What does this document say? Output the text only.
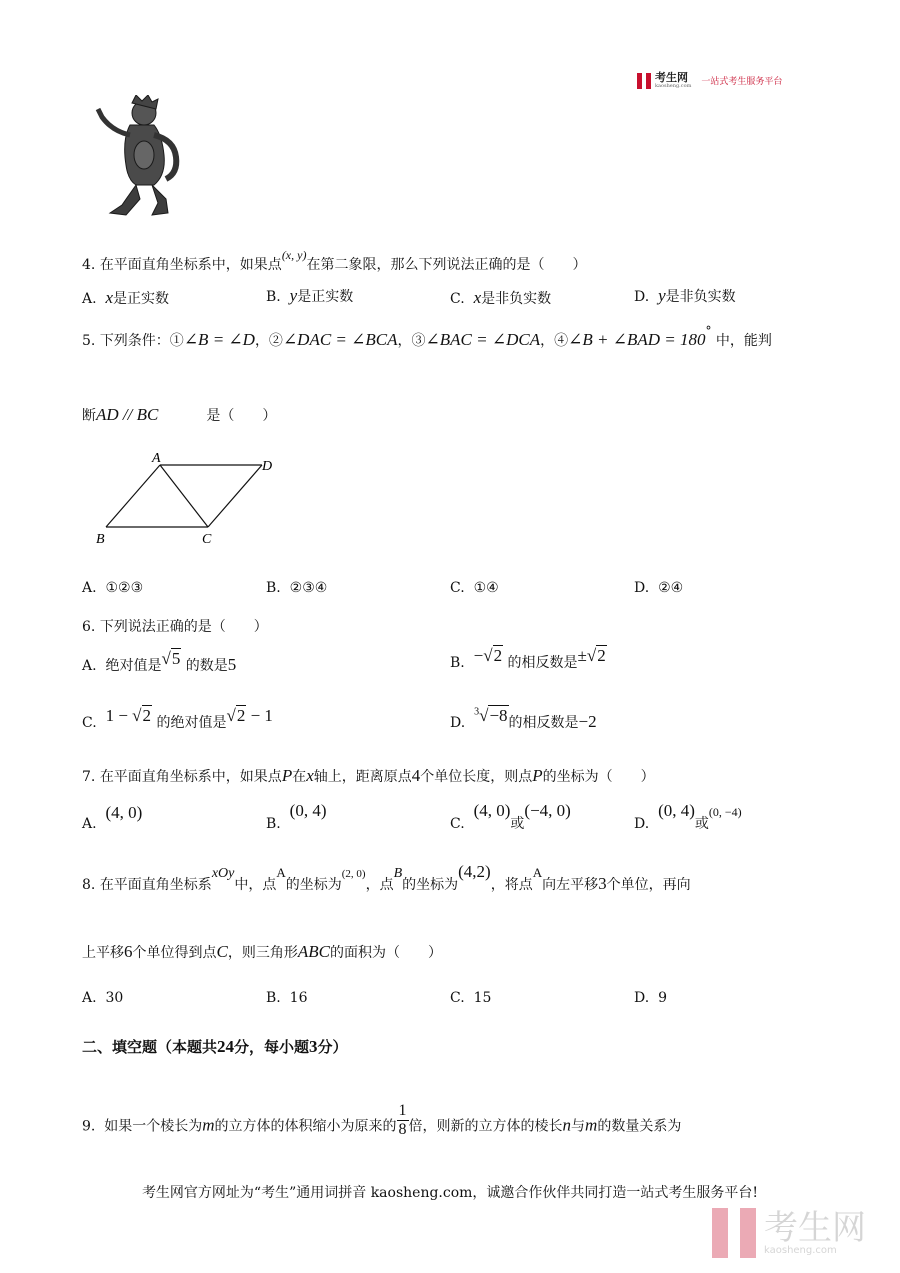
考生网
kaosheng.com 一站式考生服务平台
4. 在平面直角坐标系中，如果点(x, y)在第二象限，那么下列说法正确的是（　　）
A. x是正实数	B. y是正实数	C. x是非负实数	D. y是非负实数
5. 下列条件：①∠B = ∠D，②∠DAC = ∠BCA，③∠BAC = ∠DCA，④∠B + ∠BAD = 180° 中，能判
断AD // BC	是（　　）
A
D
B	C
A. ①②③	B. ②③④	C. ①④	D. ②④
6. 下列说法正确的是（　　）
A. 绝对值是√5 的数是5	B. −√2 的相反数是±√2
C. 1 − √2 的绝对值是√2 − 1	D.  $^3$√−8的相反数是−2
7. 在平面直角坐标系中，如果点P在x轴上，距离原点4个单位长度，则点P的坐标为（　　）
A.  (4, 0)
B.  (0, 4)
C.  (4, 0)或(−4, 0)
D.  (0, 4)或(0, −4)
8. 在平面直角坐标系xOy中，点A的坐标为(2, 0)，点B的坐标为(4,2)，将点A向左平移3个单位，再向
上平移6个单位得到点C，则三角形ABC的面积为（　　）
A. 30	B. 16	C. 15	D. 9
二、填空题（本题共24分，每小题3分）
9. 如果一个棱长为m的立方体的体积缩小为原来的 $\frac{1}{8}$ 倍，则新的立方体的棱长n与m的数量关系为
考生网官方网址为“考生”通用词拼音 kaosheng.com，诚邀合作伙伴共同打造一站式考生服务平台!
考生网
kaosheng.com
